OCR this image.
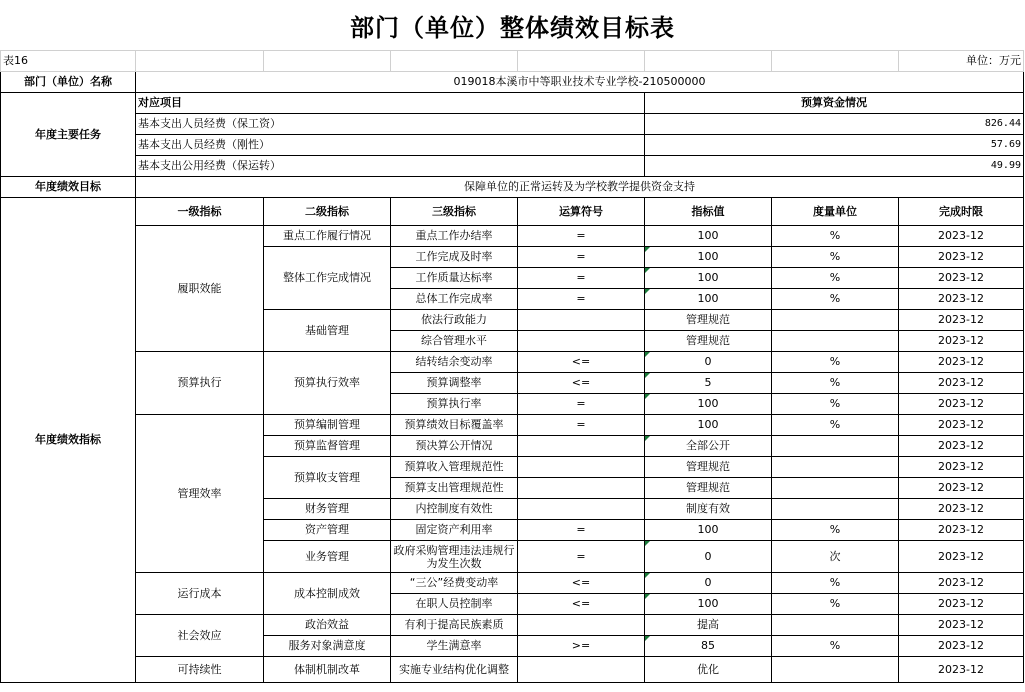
部门（单位）整体绩效目标表
表16							单位：万元
部门（单位）名称	019018本溪市中等职业技术专业学校-210500000						
年度主要任务	对应项目				预算资金情况		
	基本支出人员经费（保工资）				826.44		
	基本支出人员经费（刚性）				57.69		
	基本支出公用经费（保运转）				49.99		
年度绩效目标	保障单位的正常运转及为学校教学提供资金支持						
年度绩效指标	一级指标	二级指标	三级指标	运算符号	指标值	度量单位	完成时限
	履职效能	重点工作履行情况	重点工作办结率	=	100	%	2023-12
		整体工作完成情况	工作完成及时率	=	100	%	2023-12
			工作质量达标率	=	100	%	2023-12
			总体工作完成率	=	100	%	2023-12
		基础管理	依法行政能力		管理规范		2023-12
			综合管理水平		管理规范		2023-12
	预算执行	预算执行效率	结转结余变动率	<=	0	%	2023-12
			预算调整率	<=	5	%	2023-12
			预算执行率	=	100	%	2023-12
	管理效率	预算编制管理	预算绩效目标覆盖率	=	100	%	2023-12
		预算监督管理	预决算公开情况		全部公开		2023-12
		预算收支管理	预算收入管理规范性		管理规范		2023-12
			预算支出管理规范性		管理规范		2023-12
		财务管理	内控制度有效性		制度有效		2023-12
		资产管理	固定资产利用率	=	100	%	2023-12
		业务管理	政府采购管理违法违规行为发生次数	=	0	次	2023-12
	运行成本	成本控制成效	“三公”经费变动率	<=	0	%	2023-12
			在职人员控制率	<=	100	%	2023-12
	社会效应	政治效益	有利于提高民族素质		提高		2023-12
		服务对象满意度	学生满意率	>=	85	%	2023-12
	可持续性	体制机制改革	实施专业结构优化调整		优化		2023-12
